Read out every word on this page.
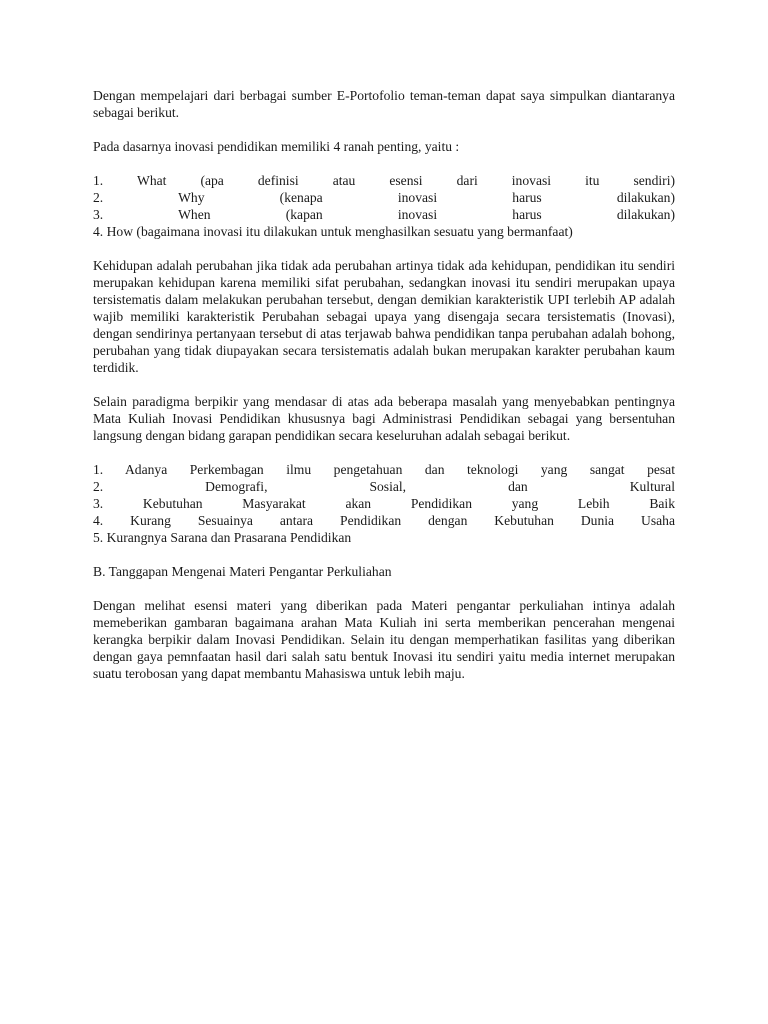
Dengan mempelajari dari berbagai sumber E-Portofolio teman-teman dapat saya simpulkan diantaranya sebagai berikut.

Pada dasarnya inovasi pendidikan memiliki 4 ranah penting, yaitu :

1. What (apa definisi atau esensi dari inovasi itu sendiri)
2. Why (kenapa inovasi harus dilakukan)
3. When (kapan inovasi harus dilakukan)
4. How (bagaimana inovasi itu dilakukan untuk menghasilkan sesuatu yang bermanfaat)

Kehidupan adalah perubahan jika tidak ada perubahan artinya tidak ada kehidupan, pendidikan itu sendiri merupakan kehidupan karena memiliki sifat perubahan, sedangkan inovasi itu sendiri merupakan upaya tersistematis dalam melakukan perubahan tersebut, dengan demikian karakteristik UPI terlebih AP adalah wajib memiliki karakteristik Perubahan sebagai upaya yang disengaja secara tersistematis (Inovasi), dengan sendirinya pertanyaan tersebut di atas terjawab bahwa pendidikan tanpa perubahan adalah bohong, perubahan yang tidak diupayakan secara tersistematis adalah bukan merupakan karakter perubahan kaum terdidik.

Selain paradigma berpikir yang mendasar di atas ada beberapa masalah yang menyebabkan pentingnya Mata Kuliah Inovasi Pendidikan khususnya bagi Administrasi Pendidikan sebagai yang bersentuhan langsung dengan bidang garapan pendidikan secara keseluruhan adalah sebagai berikut.

1. Adanya Perkembagan ilmu pengetahuan dan teknologi yang sangat pesat
2. Demografi, Sosial, dan Kultural
3. Kebutuhan Masyarakat akan Pendidikan yang Lebih Baik
4. Kurang Sesuainya antara Pendidikan dengan Kebutuhan Dunia Usaha
5. Kurangnya Sarana dan Prasarana Pendidikan

B. Tanggapan Mengenai Materi Pengantar Perkuliahan

Dengan melihat esensi materi yang diberikan pada Materi pengantar perkuliahan intinya adalah memeberikan gambaran bagaimana arahan Mata Kuliah ini serta memberikan pencerahan mengenai kerangka berpikir dalam Inovasi Pendidikan. Selain itu dengan memperhatikan fasilitas yang diberikan dengan gaya pemnfaatan hasil dari salah satu bentuk Inovasi itu sendiri yaitu media internet merupakan suatu terobosan yang dapat membantu Mahasiswa untuk lebih maju.
